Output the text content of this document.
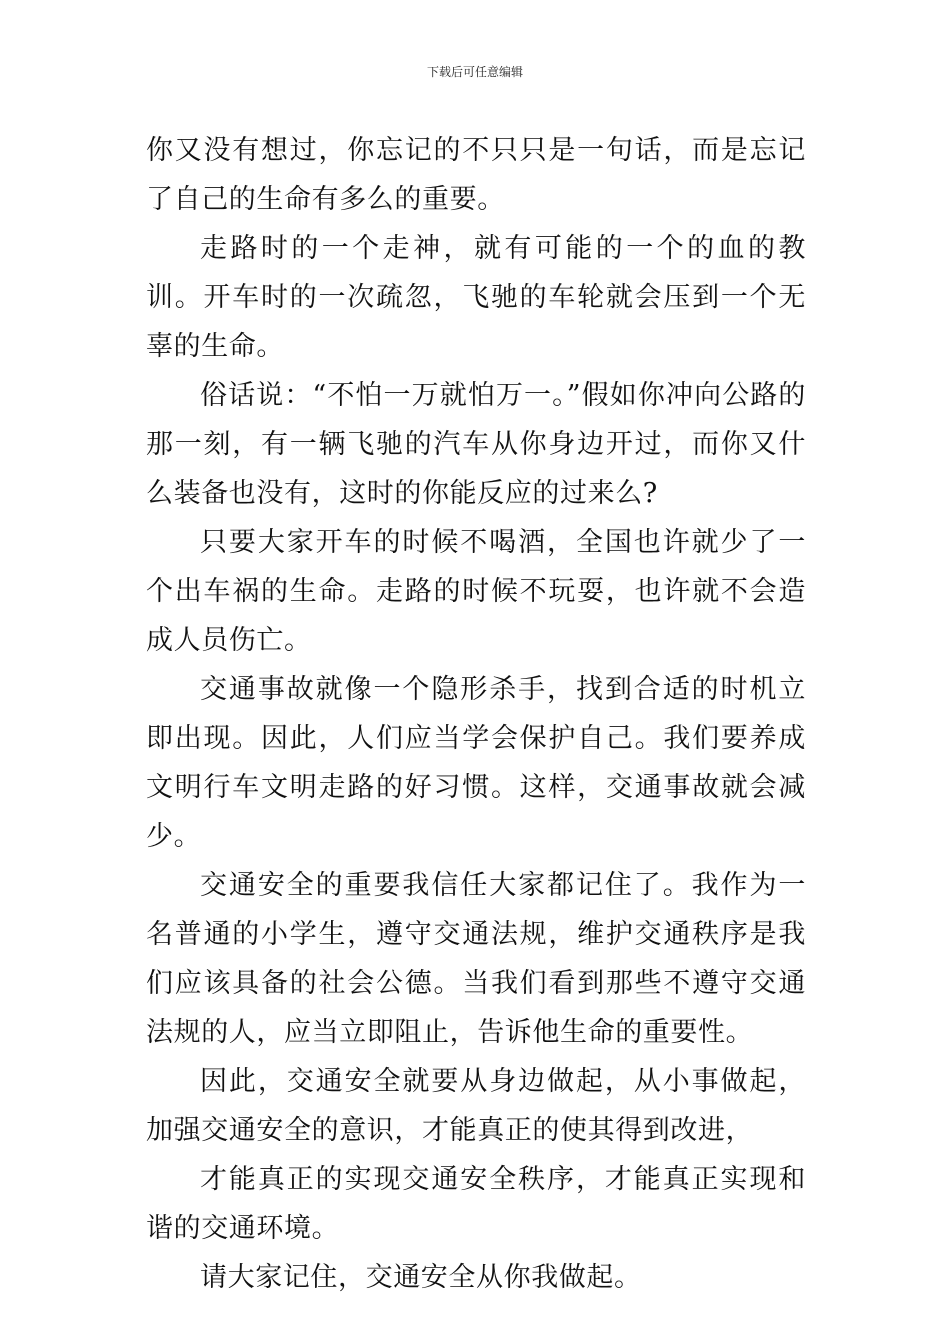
下载后可任意编辑

你又没有想过，你忘记的不只只是一句话，而是忘记了自己的生命有多么的重要。

走路时的一个走神，就有可能的一个的血的教训。开车时的一次疏忽，飞驰的车轮就会压到一个无辜的生命。

俗话说：“不怕一万就怕万一。”假如你冲向公路的那一刻，有一辆飞驰的汽车从你身边开过，而你又什么装备也没有，这时的你能反应的过来么?

只要大家开车的时候不喝酒，全国也许就少了一个出车祸的生命。走路的时候不玩耍，也许就不会造成人员伤亡。

交通事故就像一个隐形杀手，找到合适的时机立即出现。因此，人们应当学会保护自己。我们要养成文明行车文明走路的好习惯。这样，交通事故就会减少。

交通安全的重要我信任大家都记住了。我作为一名普通的小学生，遵守交通法规，维护交通秩序是我们应该具备的社会公德。当我们看到那些不遵守交通法规的人，应当立即阻止，告诉他生命的重要性。

因此，交通安全就要从身边做起，从小事做起，加强交通安全的意识，才能真正的使其得到改进，

才能真正的实现交通安全秩序，才能真正实现和谐的交通环境。

请大家记住，交通安全从你我做起。
